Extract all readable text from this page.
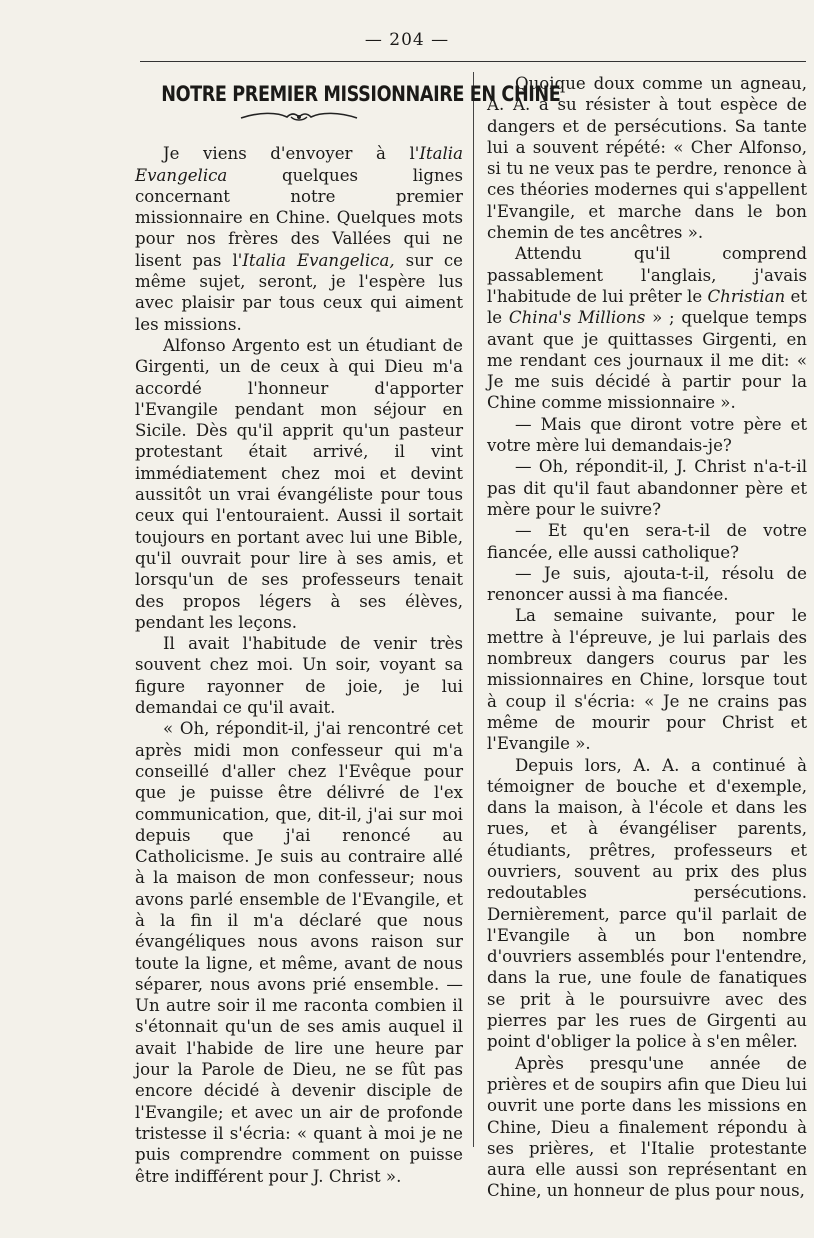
— 204 —
NOTRE PREMIER MISSIONNAIRE EN CHINE

Je viens d'envoyer à l'Italia Evangelica quelques lignes concernant notre premier missionnaire en Chine. Quelques mots pour nos frères des Vallées qui ne lisent pas l'Italia Evangelica, sur ce même sujet, seront, je l'espère lus avec plaisir par tous ceux qui aiment les missions.

Alfonso Argento est un étudiant de Girgenti, un de ceux à qui Dieu m'a accordé l'honneur d'apporter l'Evangile pendant mon séjour en Sicile. Dès qu'il apprit qu'un pasteur protestant était arrivé, il vint immédiatement chez moi et devint aussitôt un vrai évangéliste pour tous ceux qui l'entouraient. Aussi il sortait toujours en portant avec lui une Bible, qu'il ouvrait pour lire à ses amis, et lorsqu'un de ses professeurs tenait des propos légers à ses élèves, pendant les leçons.

Il avait l'habitude de venir très souvent chez moi. Un soir, voyant sa figure rayonner de joie, je lui demandai ce qu'il avait.

« Oh, répondit-il, j'ai rencontré cet après midi mon confesseur qui m'a conseillé d'aller chez l'Evêque pour que je puisse être délivré de l'ex communication, que, dit-il, j'ai sur moi depuis que j'ai renoncé au Catholicisme. Je suis au contraire allé à la maison de mon confesseur; nous avons parlé ensemble de l'Evangile, et à la fin il m'a déclaré que nous évangéliques nous avons raison sur toute la ligne, et même, avant de nous séparer, nous avons prié ensemble. — Un autre soir il me raconta combien il s'étonnait qu'un de ses amis auquel il avait l'habide de lire une heure par jour la Parole de Dieu, ne se fût pas encore décidé à devenir disciple de l'Evangile; et avec un air de profonde tristesse il s'écria: « quant à moi je ne puis comprendre comment on puisse être indifférent pour J. Christ ».

Quoique doux comme un agneau, A. A. a su résister à tout espèce de dangers et de persécutions. Sa tante lui a souvent répété: « Cher Alfonso, si tu ne veux pas te perdre, renonce à ces théories modernes qui s'appellent l'Evangile, et marche dans le bon chemin de tes ancêtres ».

Attendu qu'il comprend passablement l'anglais, j'avais l'habitude de lui prêter le Christian et le China's Millions » ; quelque temps avant que je quittasses Girgenti, en me rendant ces journaux il me dit: « Je me suis décidé à partir pour la Chine comme missionnaire ».

— Mais que diront votre père et votre mère lui demandais-je?

— Oh, répondit-il, J. Christ n'a-t-il pas dit qu'il faut abandonner père et mère pour le suivre?

— Et qu'en sera-t-il de votre fiancée, elle aussi catholique?

— Je suis, ajouta-t-il, résolu de renoncer aussi à ma fiancée.

La semaine suivante, pour le mettre à l'épreuve, je lui parlais des nombreux dangers courus par les missionnaires en Chine, lorsque tout à coup il s'écria: « Je ne crains pas même de mourir pour Christ et l'Evangile ».

Depuis lors, A. A. a continué à témoigner de bouche et d'exemple, dans la maison, à l'école et dans les rues, et à évangéliser parents, étudiants, prêtres, professeurs et ouvriers, souvent au prix des plus redoutables persécutions. Dernièrement, parce qu'il parlait de l'Evangile à un bon nombre d'ouvriers assemblés pour l'entendre, dans la rue, une foule de fanatiques se prit à le poursuivre avec des pierres par les rues de Girgenti au point d'obliger la police à s'en mêler.

Après presqu'une année de prières et de soupirs afin que Dieu lui ouvrit une porte dans les missions en Chine, Dieu a finalement répondu à ses prières, et l'Italie protestante aura elle aussi son représentant en Chine, un honneur de plus pour nous,
